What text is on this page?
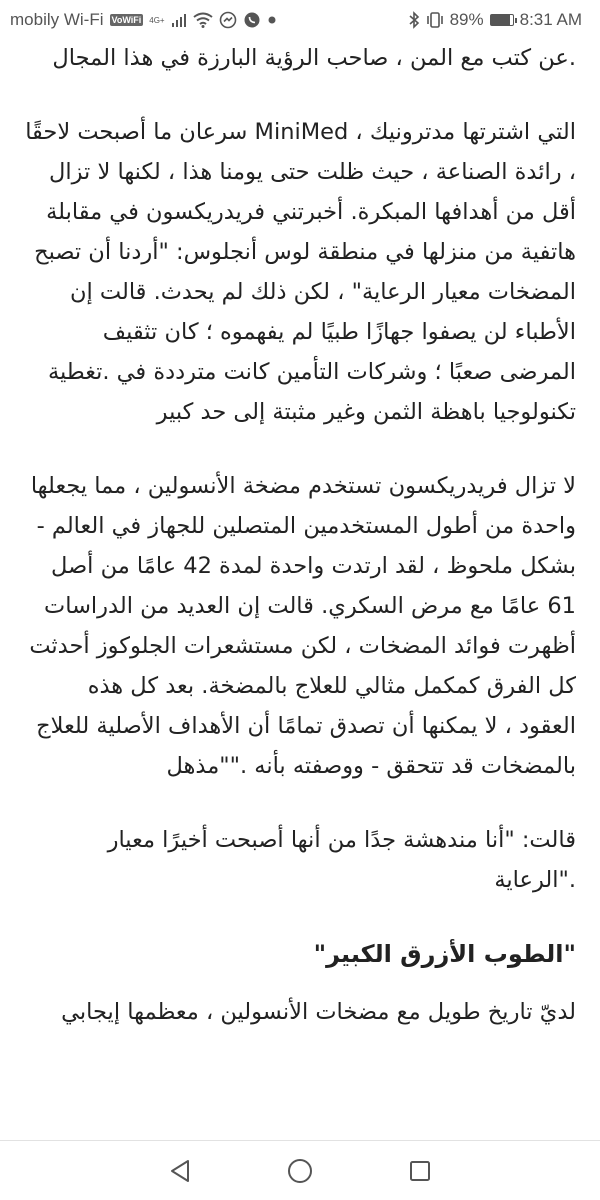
mobily Wi-Fi VoWiFi 4G+	89% 8:31 AM

.عن كتب مع المن ، صاحب الرؤية البارزة في هذا المجال

التي اشترتها مدترونيك ، MiniMed سرعان ما أصبحت لاحقًا ، رائدة الصناعة ، حيث ظلت حتى يومنا هذا ، لكنها لا تزال أقل من أهدافها المبكرة. أخبرتني فريدريكسون في مقابلة هاتفية من منزلها في منطقة لوس أنجلوس: "أردنا أن تصبح المضخات معيار الرعاية" ، لكن ذلك لم يحدث. قالت إن الأطباء لن يصفوا جهازًا طبيًا لم يفهموه ؛ كان تثقيف المرضى صعبًا ؛ وشركات التأمين كانت مترددة في .تغطية تكنولوجيا باهظة الثمن وغير مثبتة إلى حد كبير

لا تزال فريدريكسون تستخدم مضخة الأنسولين ، مما يجعلها واحدة من أطول المستخدمين المتصلين للجهاز في العالم - بشكل ملحوظ ، لقد ارتدت واحدة لمدة 42 عامًا من أصل 61 عامًا مع مرض السكري. قالت إن العديد من الدراسات أظهرت فوائد المضخات ، لكن مستشعرات الجلوكوز أحدثت كل الفرق كمكمل مثالي للعلاج بالمضخة. بعد كل هذه العقود ، لا يمكنها أن تصدق تمامًا أن الأهداف الأصلية للعلاج بالمضخات قد تتحقق - ووصفته بأنه .""مذهل

قالت: "أنا مندهشة جدًا من أنها أصبحت أخيرًا معيار ."الرعاية

"الطوب الأزرق الكبير"

لديّ تاريخ طويل مع مضخات الأنسولين ، معظمها إيجابي
